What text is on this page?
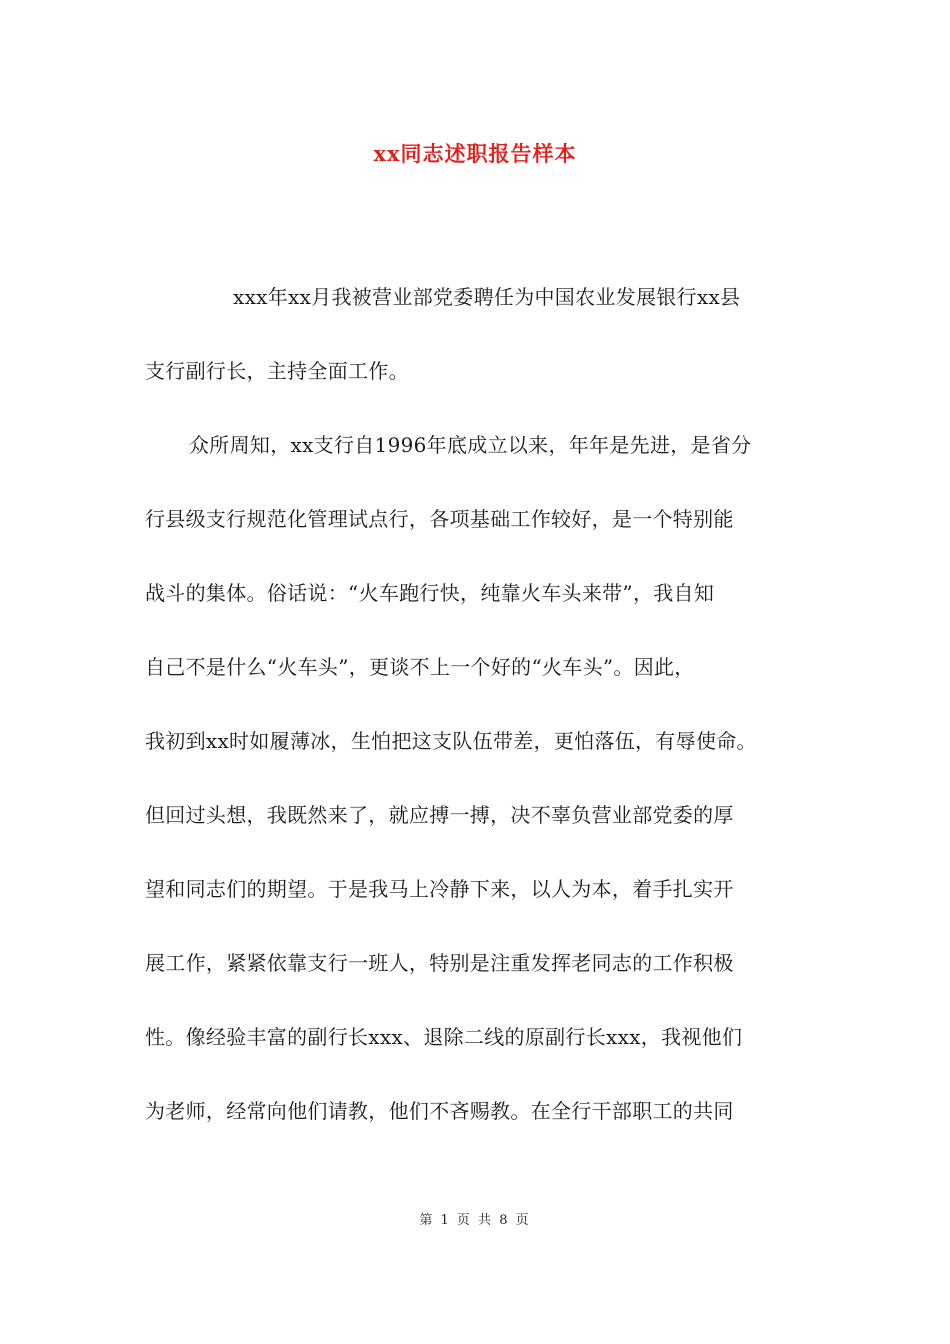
xx同志述职报告样本
xxx年xx月我被营业部党委聘任为中国农业发展银行xx县
支行副行长，主持全面工作。
众所周知，xx支行自1996年底成立以来，年年是先进，是省分
行县级支行规范化管理试点行，各项基础工作较好，是一个特别能
战斗的集体。俗话说：“火车跑行快，纯靠火车头来带”，我自知
自己不是什么“火车头”，更谈不上一个好的“火车头”。因此，
我初到xx时如履薄冰，生怕把这支队伍带差，更怕落伍，有辱使命。
但回过头想，我既然来了，就应搏一搏，决不辜负营业部党委的厚
望和同志们的期望。于是我马上冷静下来，以人为本，着手扎实开
展工作，紧紧依靠支行一班人，特别是注重发挥老同志的工作积极
性。像经验丰富的副行长xxx、退除二线的原副行长xxx，我视他们
为老师，经常向他们请教，他们不吝赐教。在全行干部职工的共同
第 1 页 共 8 页
